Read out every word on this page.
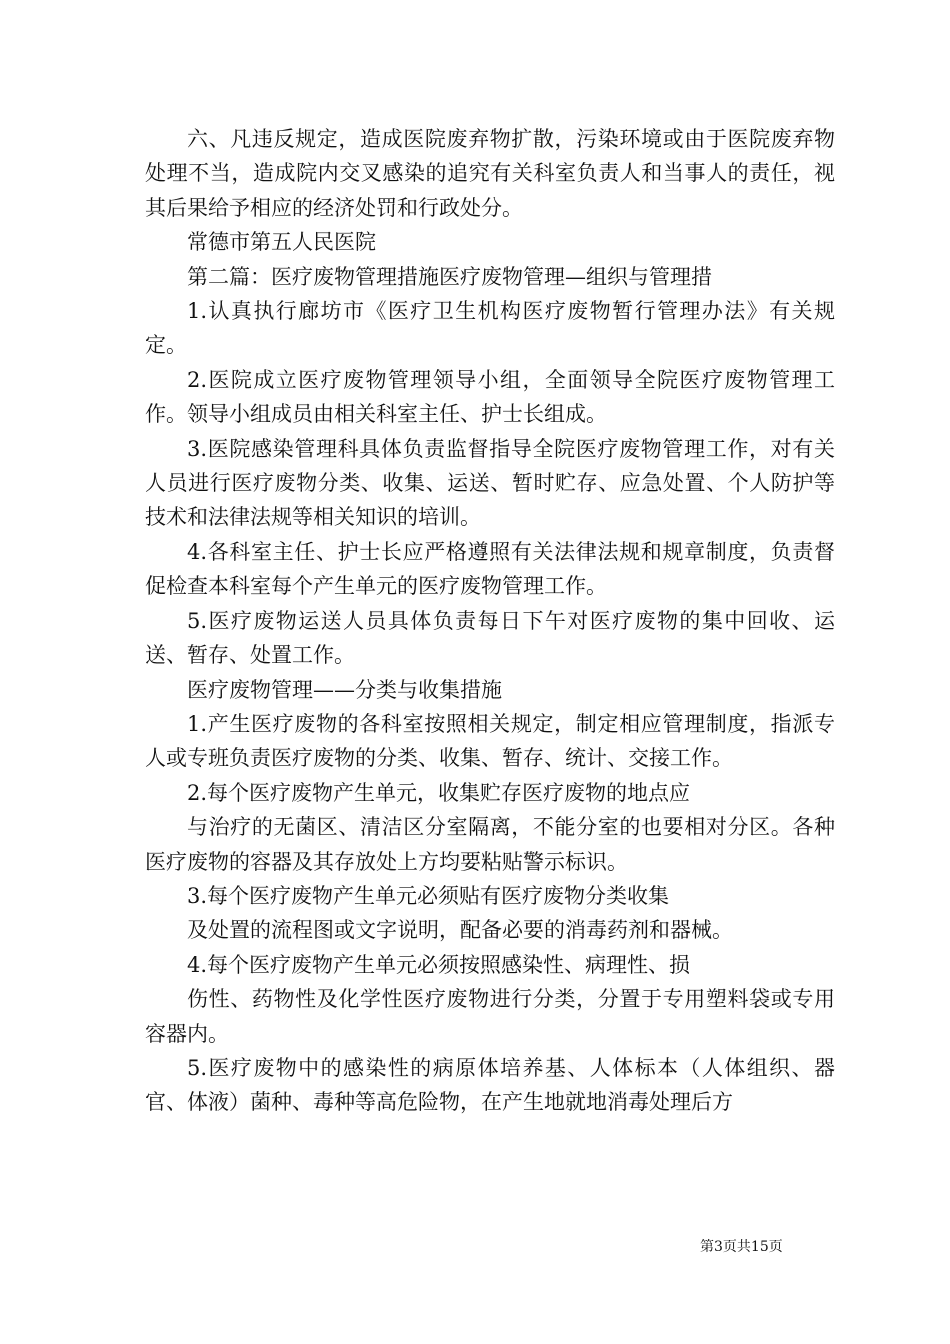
六、凡违反规定，造成医院废弃物扩散，污染环境或由于医院废弃物处理不当，造成院内交叉感染的追究有关科室负责人和当事人的责任，视其后果给予相应的经济处罚和行政处分。

常德市第五人民医院

第二篇：医疗废物管理措施医疗废物管理—组织与管理措

1.认真执行廊坊市《医疗卫生机构医疗废物暂行管理办法》有关规定。

2.医院成立医疗废物管理领导小组，全面领导全院医疗废物管理工作。领导小组成员由相关科室主任、护士长组成。

3.医院感染管理科具体负责监督指导全院医疗废物管理工作，对有关人员进行医疗废物分类、收集、运送、暂时贮存、应急处置、个人防护等技术和法律法规等相关知识的培训。

4.各科室主任、护士长应严格遵照有关法律法规和规章制度，负责督促检查本科室每个产生单元的医疗废物管理工作。

5.医疗废物运送人员具体负责每日下午对医疗废物的集中回收、运送、暂存、处置工作。

医疗废物管理——分类与收集措施

1.产生医疗废物的各科室按照相关规定，制定相应管理制度，指派专人或专班负责医疗废物的分类、收集、暂存、统计、交接工作。

2.每个医疗废物产生单元，收集贮存医疗废物的地点应

与治疗的无菌区、清洁区分室隔离，不能分室的也要相对分区。各种医疗废物的容器及其存放处上方均要粘贴警示标识。

3.每个医疗废物产生单元必须贴有医疗废物分类收集

及处置的流程图或文字说明，配备必要的消毒药剂和器械。

4.每个医疗废物产生单元必须按照感染性、病理性、损

伤性、药物性及化学性医疗废物进行分类，分置于专用塑料袋或专用容器内。

5.医疗废物中的感染性的病原体培养基、人体标本（人体组织、器官、体液）菌种、毒种等高危险物，在产生地就地消毒处理后方

第3页共15页
